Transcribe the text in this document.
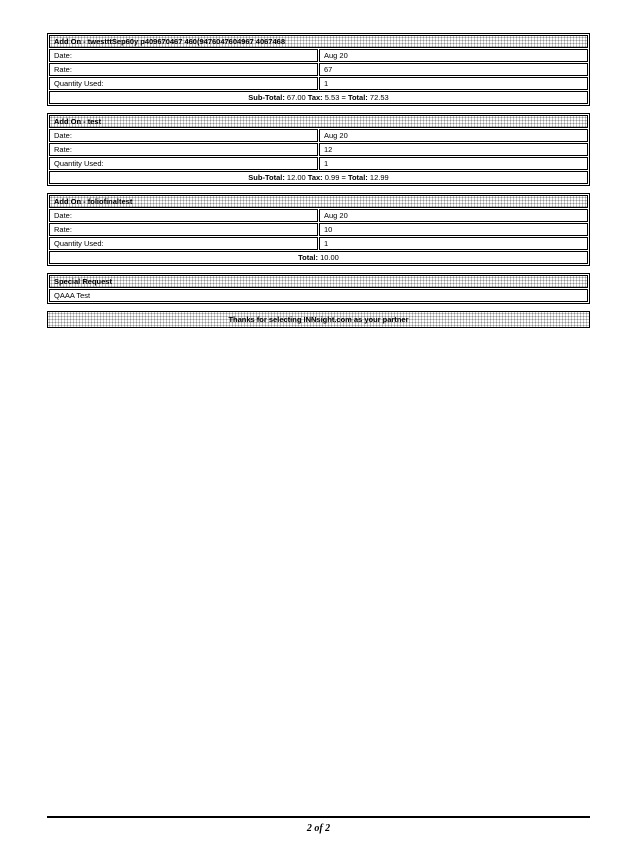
Add On - twestttSep60y p409670467 460(9476047604967 4067468	
Date:	Aug 20
Rate:	67
Quantity Used:	1
Sub-Total: 67.00 Tax: 5.53 = Total: 72.53	
Add On - test	
Date:	Aug 20
Rate:	12
Quantity Used:	1
Sub-Total: 12.00 Tax: 0.99 = Total: 12.99	
Add On - foliofinaltest	
Date:	Aug 20
Rate:	10
Quantity Used:	1
Total: 10.00	
Special Request
QAAA Test
Thanks for selecting INNsight.com as your partner
2 of 2
